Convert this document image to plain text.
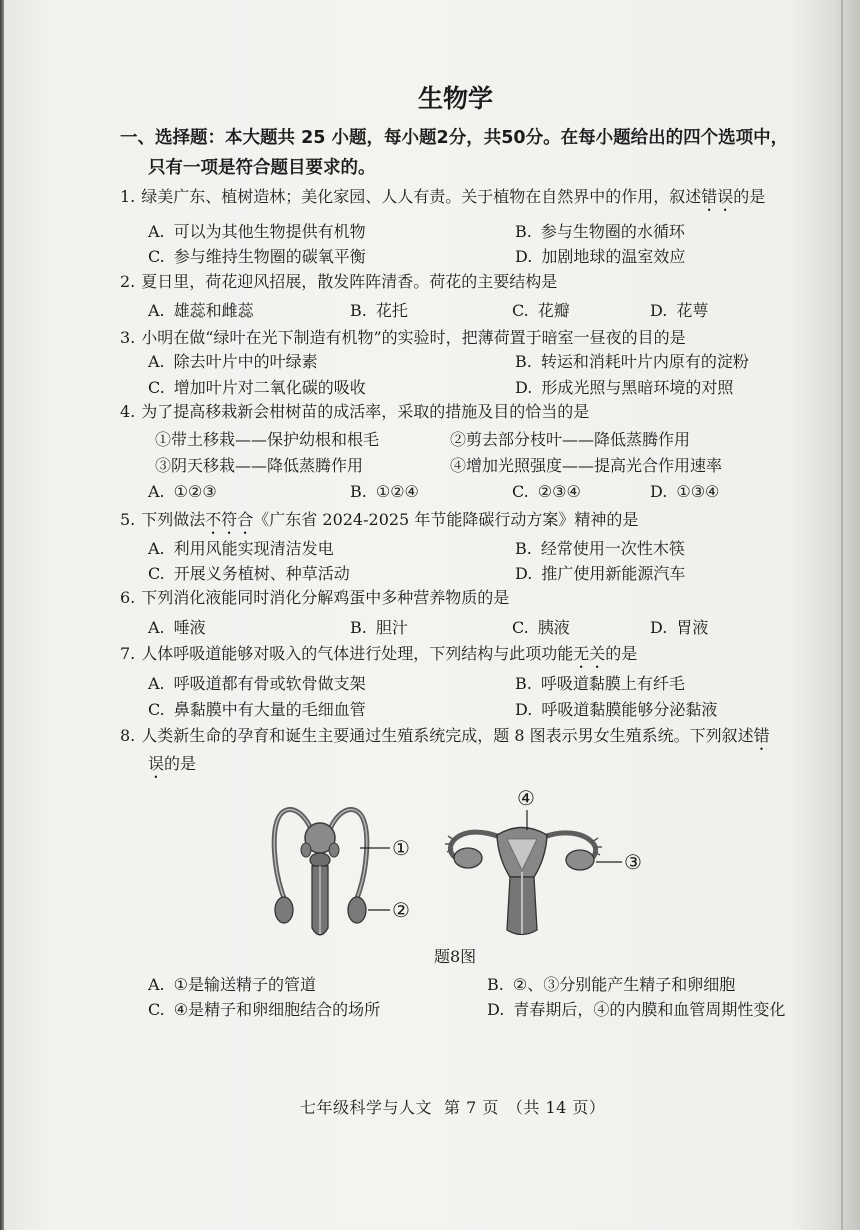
生物学
一、选择题：本大题共 25 小题，每小题2分，共50分。在每小题给出的四个选项中，
只有一项是符合题目要求的。
1. 绿美广东、植树造林；美化家园、人人有责。关于植物在自然界中的作用，叙述错误的是
A. 可以为其他生物提供有机物	B. 参与生物圈的水循环
C. 参与维持生物圈的碳氧平衡	D. 加剧地球的温室效应
2. 夏日里，荷花迎风招展，散发阵阵清香。荷花的主要结构是
A. 雄蕊和雌蕊	B. 花托	C. 花瓣	D. 花萼
3. 小明在做“绿叶在光下制造有机物”的实验时，把薄荷置于暗室一昼夜的目的是
A. 除去叶片中的叶绿素	B. 转运和消耗叶片内原有的淀粉
C. 增加叶片对二氧化碳的吸收	D. 形成光照与黑暗环境的对照
4. 为了提高移栽新会柑树苗的成活率，采取的措施及目的恰当的是
①带土移栽——保护幼根和根毛	②剪去部分枝叶——降低蒸腾作用
③阴天移栽——降低蒸腾作用	④增加光照强度——提高光合作用速率
A. ①②③	B. ①②④	C. ②③④	D. ①③④
5. 下列做法不符合《广东省 2024-2025 年节能降碳行动方案》精神的是
A. 利用风能实现清洁发电	B. 经常使用一次性木筷
C. 开展义务植树、种草活动	D. 推广使用新能源汽车
6. 下列消化液能同时消化分解鸡蛋中多种营养物质的是
A. 唾液	B. 胆汁	C. 胰液	D. 胃液
7. 人体呼吸道能够对吸入的气体进行处理，下列结构与此项功能无关的是
A. 呼吸道都有骨或软骨做支架	B. 呼吸道黏膜上有纤毛
C. 鼻黏膜中有大量的毛细血管	D. 呼吸道黏膜能够分泌黏液
8. 人类新生命的孕育和诞生主要通过生殖系统完成，题 8 图表示男女生殖系统。下列叙述错
误的是
①
②
③
④
题8图
A. ①是输送精子的管道	B. ②、③分别能产生精子和卵细胞
C. ④是精子和卵细胞结合的场所	D. 青春期后，④的内膜和血管周期性变化
七年级科学与人文 第 7 页 （共 14 页）
